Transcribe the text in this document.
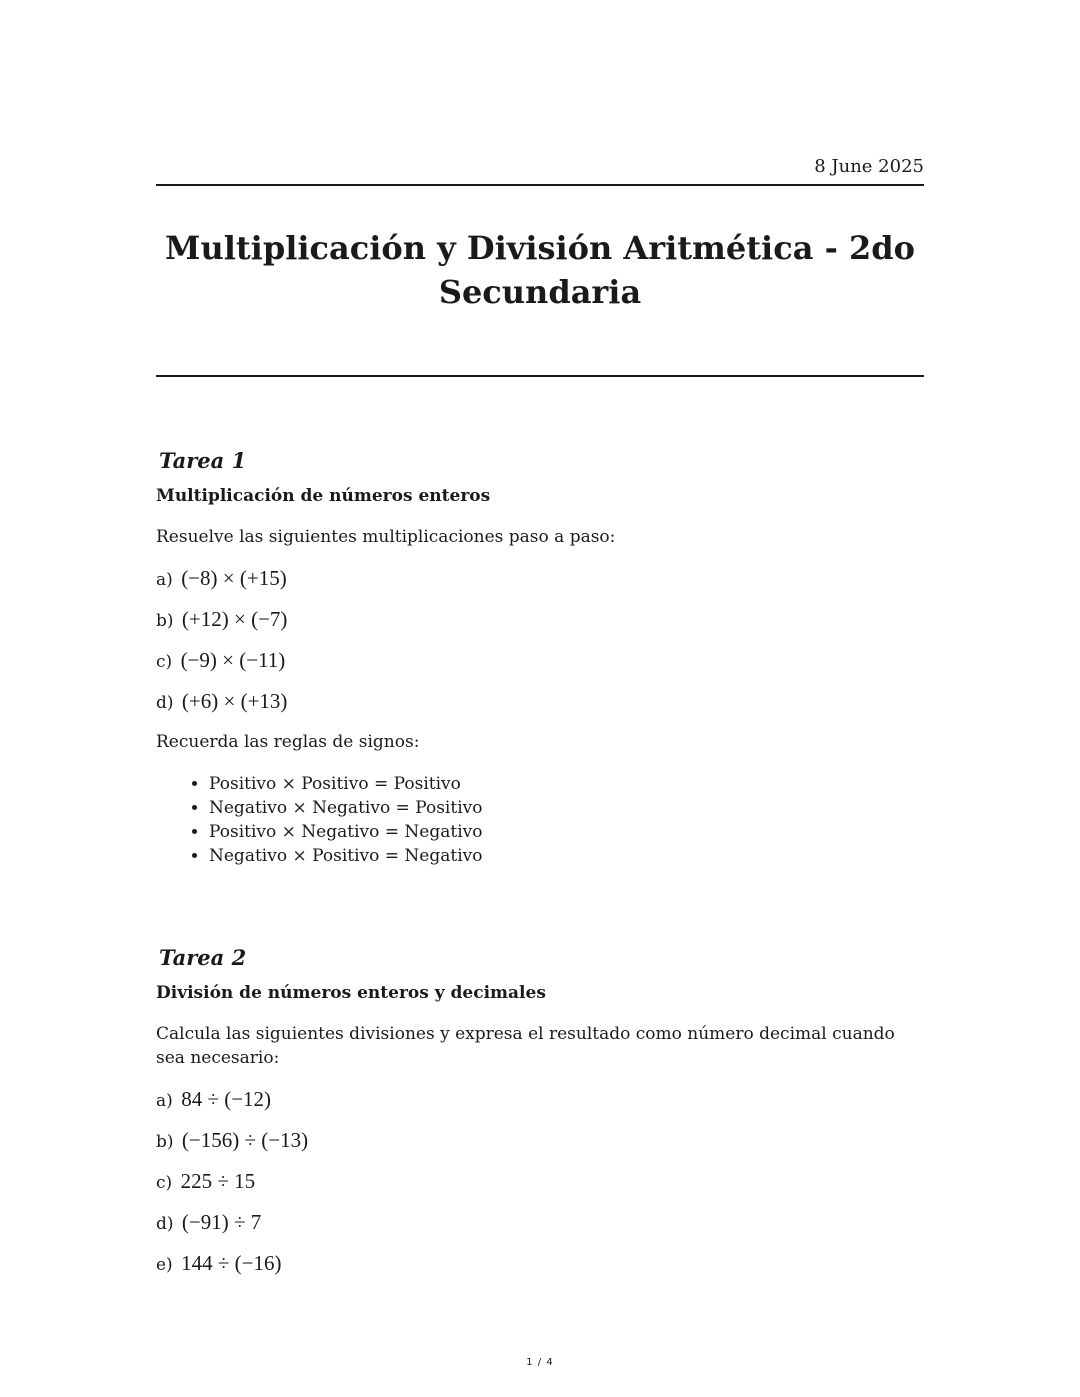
8 June 2025
Multiplicación y División Aritmética - 2do Secundaria
Tarea 1
Multiplicación de números enteros

Resuelve las siguientes multiplicaciones paso a paso:

a) (−8) × (+15)
b) (+12) × (−7)
c) (−9) × (−11)
d) (+6) × (+13)

Recuerda las reglas de signos:

• Positivo × Positivo = Positivo
• Negativo × Negativo = Positivo
• Positivo × Negativo = Negativo
• Negativo × Positivo = Negativo
Tarea 2
División de números enteros y decimales

Calcula las siguientes divisiones y expresa el resultado como número decimal cuando sea necesario:

a) 84 ÷ (−12)
b) (−156) ÷ (−13)
c) 225 ÷ 15
d) (−91) ÷ 7
e) 144 ÷ (−16)
1 / 4
